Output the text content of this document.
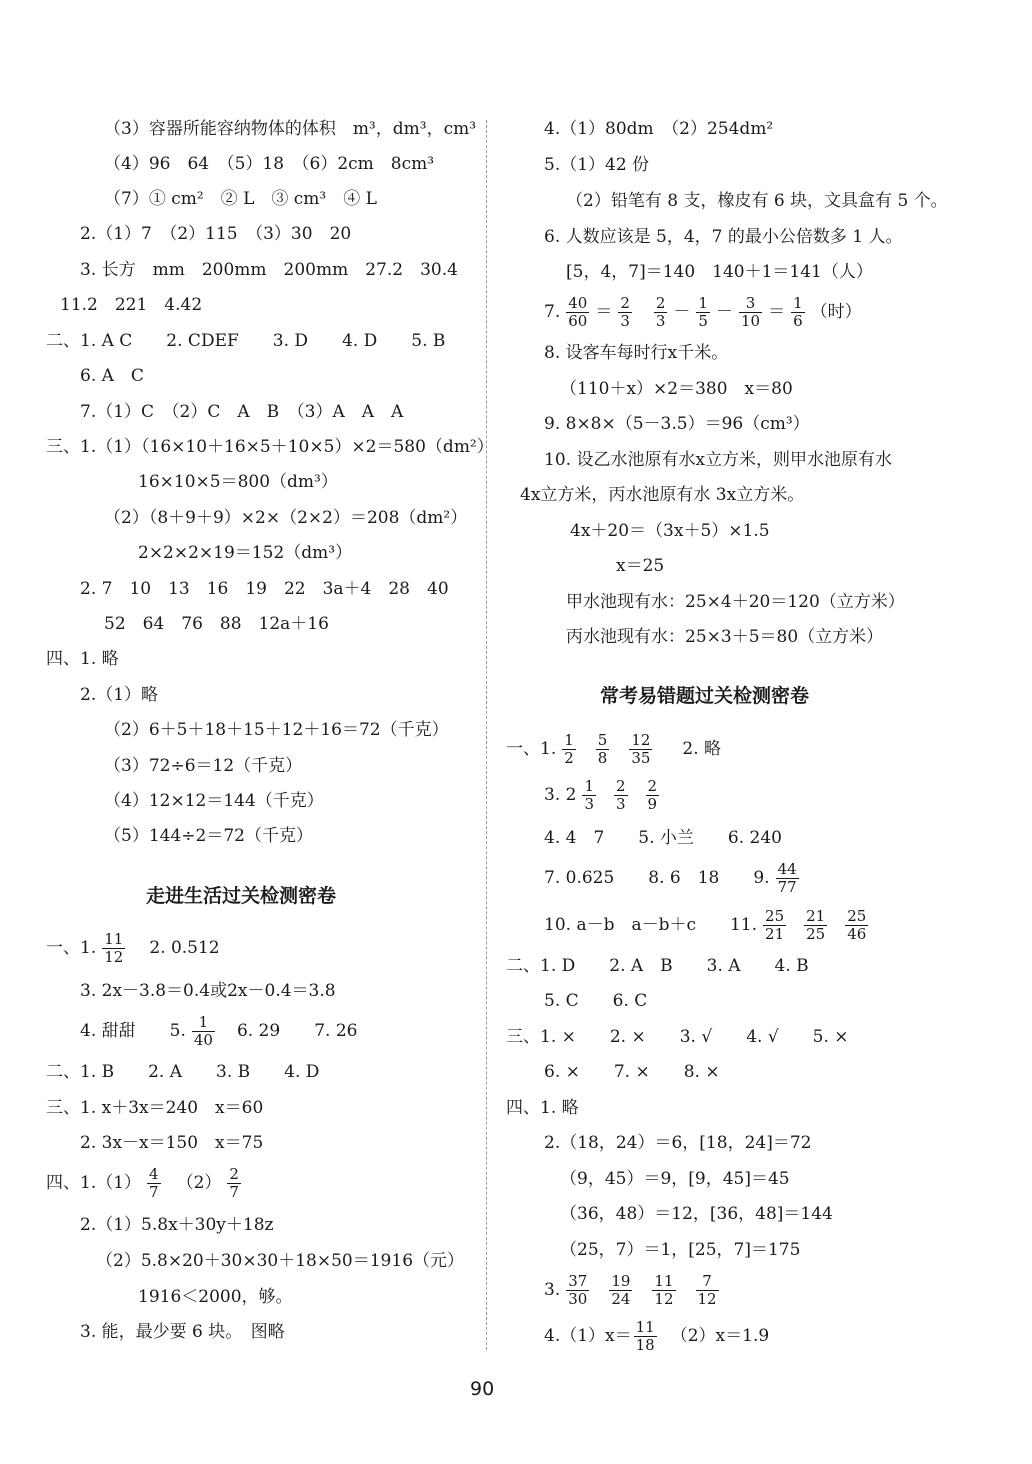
（3）容器所能容纳物体的体积　m³，dm³，cm³
（4）96　64　（5）18　（6）2cm　8cm³
（7）① cm²　② L　③ cm³　④ L
2.（1）7　（2）115　（3）30　20
3. 长方　mm　200mm　200mm　27.2　30.4
11.2　221　4.42
二、1. A C　　2. CDEF　　3. D　　4. D　　5. B
6. A　C
7.（1）C　（2）C　A　B　（3）A　A　A
三、1.（1）（16×10＋16×5＋10×5）×2＝580（dm²）
16×10×5＝800（dm³）
（2）（8＋9＋9）×2×（2×2）＝208（dm²）
2×2×2×19＝152（dm³）
2. 7　10　13　16　19　22　3a＋4　28　40
52　64　76　88　12a＋16
四、1. 略
2.（1）略
（2）6＋5＋18＋15＋12＋16＝72（千克）
（3）72÷6＝12（千克）
（4）12×12＝144（千克）
（5）144÷2＝72（千克）
走进生活过关检测密卷
一、1. $\frac{11}{12} 2$. 0.512
3. 2x－3.8＝0.4或2x－0.4＝3.8
4. 甜甜　　5. $\frac{1}{40} 6$. 29　　7. 26
二、1. B　　2. A　　3. B　　4. D
三、1. x＋3x＝240　x＝60
2. 3x－x＝150　x＝75
四、$1.(1) \frac{4}{7} (2) \frac{2}{7}$
2.（1）5.8x＋30y＋18z
（2）5.8×20＋30×30＋18×50＝1916（元）
1916＜2000，够。
3. 能，最少要 6 块。　图略
4.（1）80dm　（2）254dm²
5.（1）42 份
（2）铅笔有 8 支，橡皮有 6 块，文具盒有 5 个。
6. 人数应该是 5，4，7 的最小公倍数多 1 人。
[5，4，7]＝140　140＋1＝141（人）
7. $\frac{40}{60} = \frac{2}{3} \frac{2}{3} - \frac{1}{5} - \frac{3}{10} = \frac{1}{6}$ （时）
8. 设客车每时行x千米。
（110＋x）×2＝380　x＝80
9. 8×8×（5－3.5）＝96（cm³）
10. 设乙水池原有水x立方米，则甲水池原有水
4x立方米，丙水池原有水 3x立方米。
4x＋20＝（3x＋5）×1.5
x＝25
甲水池现有水：25×4＋20＝120（立方米）
丙水池现有水：25×3＋5＝80（立方米）
常考易错题过关检测密卷
一、1. $\frac{1}{2} \frac{5}{8} \frac{12}{35} 2$. 略
3. $2 \frac{1}{3} \frac{2}{3} \frac{2}{9}$
4. 4　7　　5. 小兰　　6. 240
7. 0.625　　8. 6　18　　9. $\frac{44}{77}$
10. a－b　a－b＋c　　11. $\frac{25}{21} \frac{21}{25} \frac{25}{46}$
二、1. D　　2. A　B　　3. A　　4. B
5. C　　6. C
三、1. ×　　2. ×　　3. √　　4. √　　5. ×
6. ×　　7. ×　　8. ×
四、1. 略
2.（18，24）＝6，[18，24]＝72
（9，45）＝9，[9，45]＝45
（36，48）＝12，[36，48]＝144
（25，7）＝1，[25，7]＝175
3. $\frac{37}{30} \frac{19}{24} \frac{11}{12} \frac{7}{12}$
$4.(1)x= \frac{11}{18} (2)x=1.9$
90
